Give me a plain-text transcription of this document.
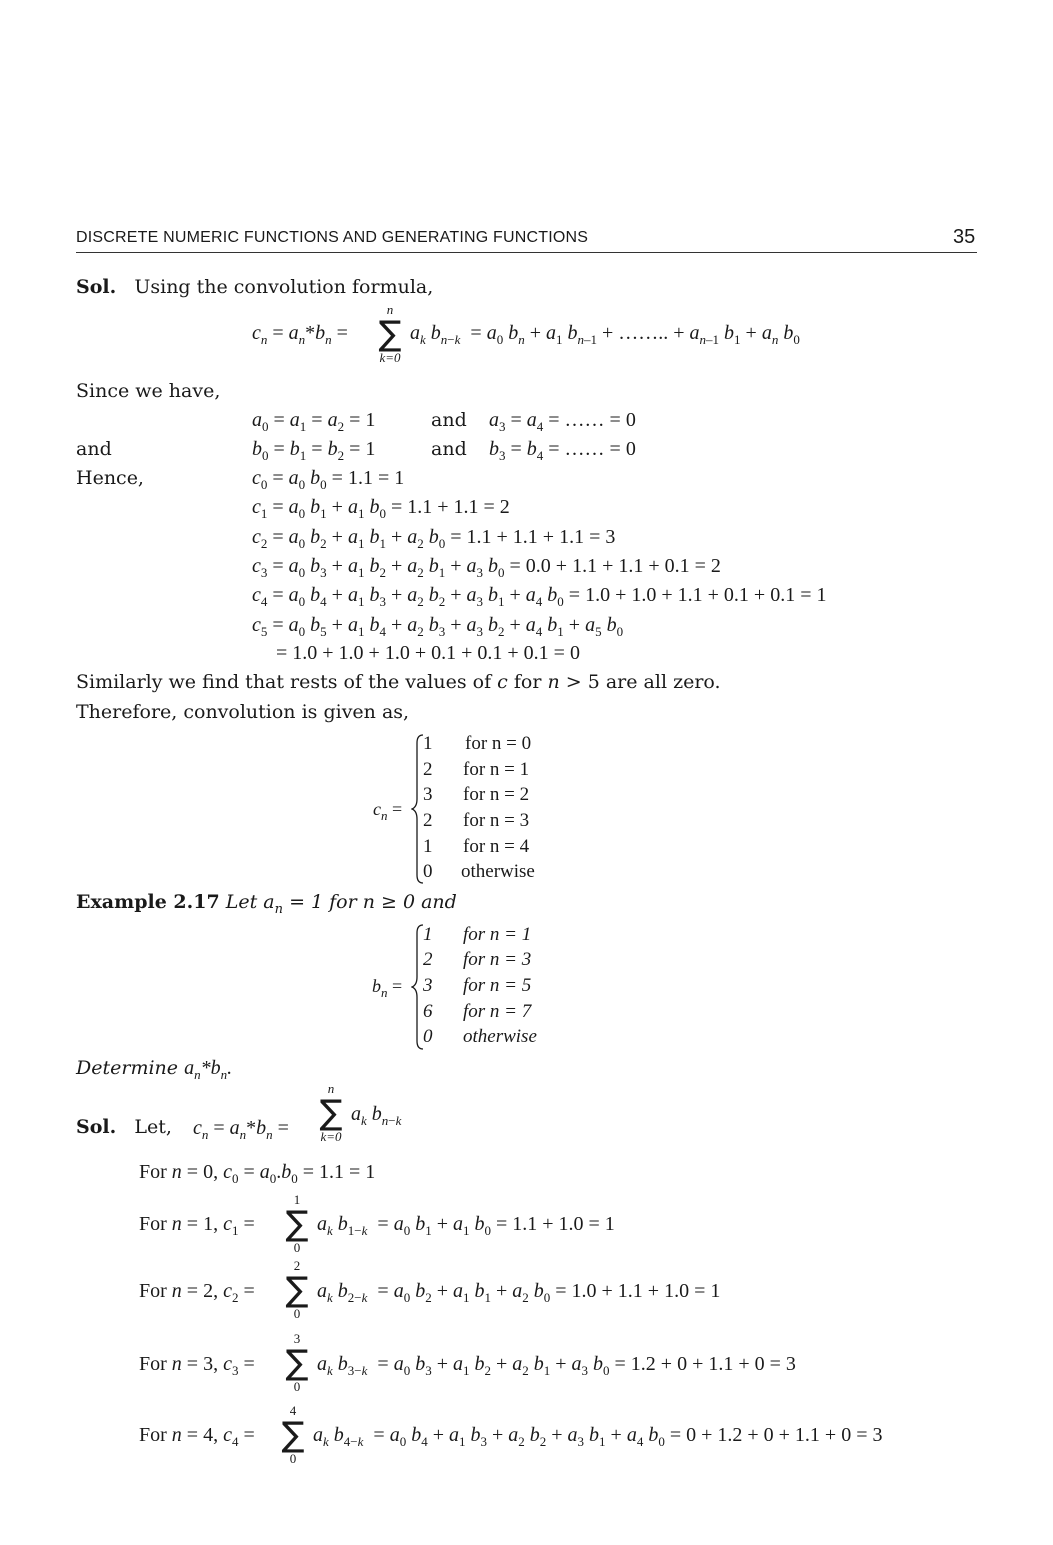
DISCRETE NUMERIC FUNCTIONS AND GENERATING FUNCTIONS	35
Sol. Using the convolution formula,
$c_n = a_n*b_n$ =
n
∑
k=0
$a_k$ $b_{n-k} = a_0$ $b_n + a_1$ $b_{n-1}$ + …….. + $a_{n-1}$ $b_1 + a_n$ $b_0$
Since we have,
$a_0 = a_1 = a_2 = 1$	and $a_3 = a_4$ = …… = 0
and	$b_0 = b_1 = b_2 = 1$	and $b_3 = b_4$ = …… = 0
Hence,	$c_0 = a_0$ $b_0 = 1.1 = 1$
$c_1 = a_0$ $b_1 + a_1$ $b_0 = 1.1 + 1.1 = 2$
$c_2 = a_0$ $b_2 + a_1$ $b_1 + a_2$ $b_0 = 1.1 + 1.1 + 1.1 = 3$
$c_3 = a_0$ $b_3 + a_1$ $b_2 + a_2$ $b_1 + a_3$ $b_0 = 0.0 + 1.1 + 1.1 + 0.1 = 2$
$c_4 = a_0$ $b_4 + a_1$ $b_3 + a_2$ $b_2 + a_3$ $b_1 + a_4$ $b_0 = 1.0 + 1.0 + 1.1 + 0.1 + 0.1 = 1$
$c_5 = a_0$ $b_5 + a_1$ $b_4 + a_2$ $b_3 + a_3$ $b_2 + a_4$ $b_1 + a_5$ $b_0$
= 1.0 + 1.0 + 1.0 + 0.1 + 0.1 + 0.1 = 0
Similarly we find that rests of the values of c for n > 5 are all zero.
Therefore, convolution is given as,
$c_n$ =
1 for n = 0
2 for n = 1
3 for n = 2
2 for n = 3
1 for n = 4
0 otherwise
Example 2.17 Let $a_n = 1$ for n ≥ 0 and
$b_n$ =
1 for n = 1
2 for n = 3
3 for n = 5
6 for n = 7
0 otherwise
Determine $a_n*b_n$.
Sol. Let, $c_n = a_n*b_n$ =
n
∑
k=0
$a_k$ $b_{n-k}$
For n = 0, $c_0 = a_0.b_0 = 1.1 = 1$
For n = 1, $c_1$ =
1
∑
0
$a_k$ $b_{1-k} = a_0$ $b_1 + a_1$ $b_0 = 1.1 + 1.0 = 1$
For n = 2, $c_2$ =
2
∑
0
$a_k$ $b_{2-k} = a_0$ $b_2 + a_1$ $b_1 + a_2$ $b_0 = 1.0 + 1.1 + 1.0 = 1$
For n = 3, $c_3$ =
3
∑
0
$a_k$ $b_{3-k} = a_0$ $b_3 + a_1$ $b_2 + a_2$ $b_1 + a_3$ $b_0 = 1.2 + 0 + 1.1 + 0 = 3$
For n = 4, $c_4$ =
4
∑
0
$a_k$ $b_{4-k} = a_0$ $b_4 + a_1$ $b_3 + a_2$ $b_2 + a_3$ $b_1 + a_4$ $b_0 = 0 + 1.2 + 0 + 1.1 + 0 = 3$
